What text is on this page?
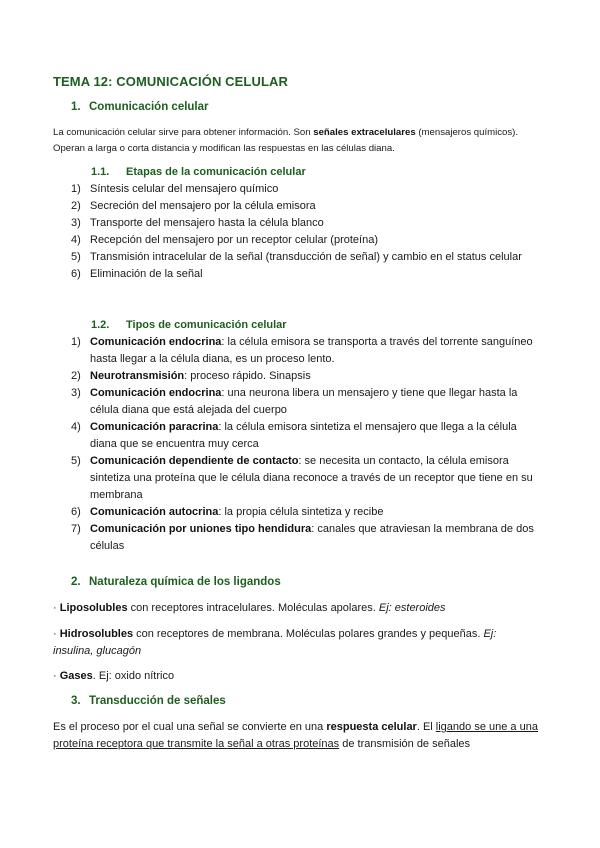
TEMA 12: COMUNICACIÓN CELULAR
1. Comunicación celular
La comunicación celular sirve para obtener información. Son señales extracelulares (mensajeros químicos). Operan a larga o corta distancia y modifican las respuestas en las células diana.
1.1. Etapas de la comunicación celular
1) Síntesis celular del mensajero químico
2) Secreción del mensajero por la célula emisora
3) Transporte del mensajero hasta la célula blanco
4) Recepción del mensajero por un receptor celular (proteína)
5) Transmisión intracelular de la señal (transducción de señal) y cambio en el status celular
6) Eliminación de la señal
1.2. Tipos de comunicación celular
1) Comunicación endocrina: la célula emisora se transporta a través del torrente sanguíneo hasta llegar a la célula diana, es un proceso lento.
2) Neurotransmisión: proceso rápido. Sinapsis
3) Comunicación endocrina: una neurona libera un mensajero y tiene que llegar hasta la célula diana que está alejada del cuerpo
4) Comunicación paracrina: la célula emisora sintetiza el mensajero que llega a la célula diana que se encuentra muy cerca
5) Comunicación dependiente de contacto: se necesita un contacto, la célula emisora sintetiza una proteína que le célula diana reconoce a través de un receptor que tiene en su membrana
6) Comunicación autocrina: la propia célula sintetiza y recibe
7) Comunicación por uniones tipo hendidura: canales que atraviesan la membrana de dos células
2. Naturaleza química de los ligandos
· Liposolubles con receptores intracelulares. Moléculas apolares. Ej: esteroides
· Hidrosolubles con receptores de membrana. Moléculas polares grandes y pequeñas. Ej: insulina, glucagón
· Gases. Ej: oxido nítrico
3. Transducción de señales
Es el proceso por el cual una señal se convierte en una respuesta celular. El ligando se une a una proteína receptora que transmite la señal a otras proteínas de transmisión de señales
